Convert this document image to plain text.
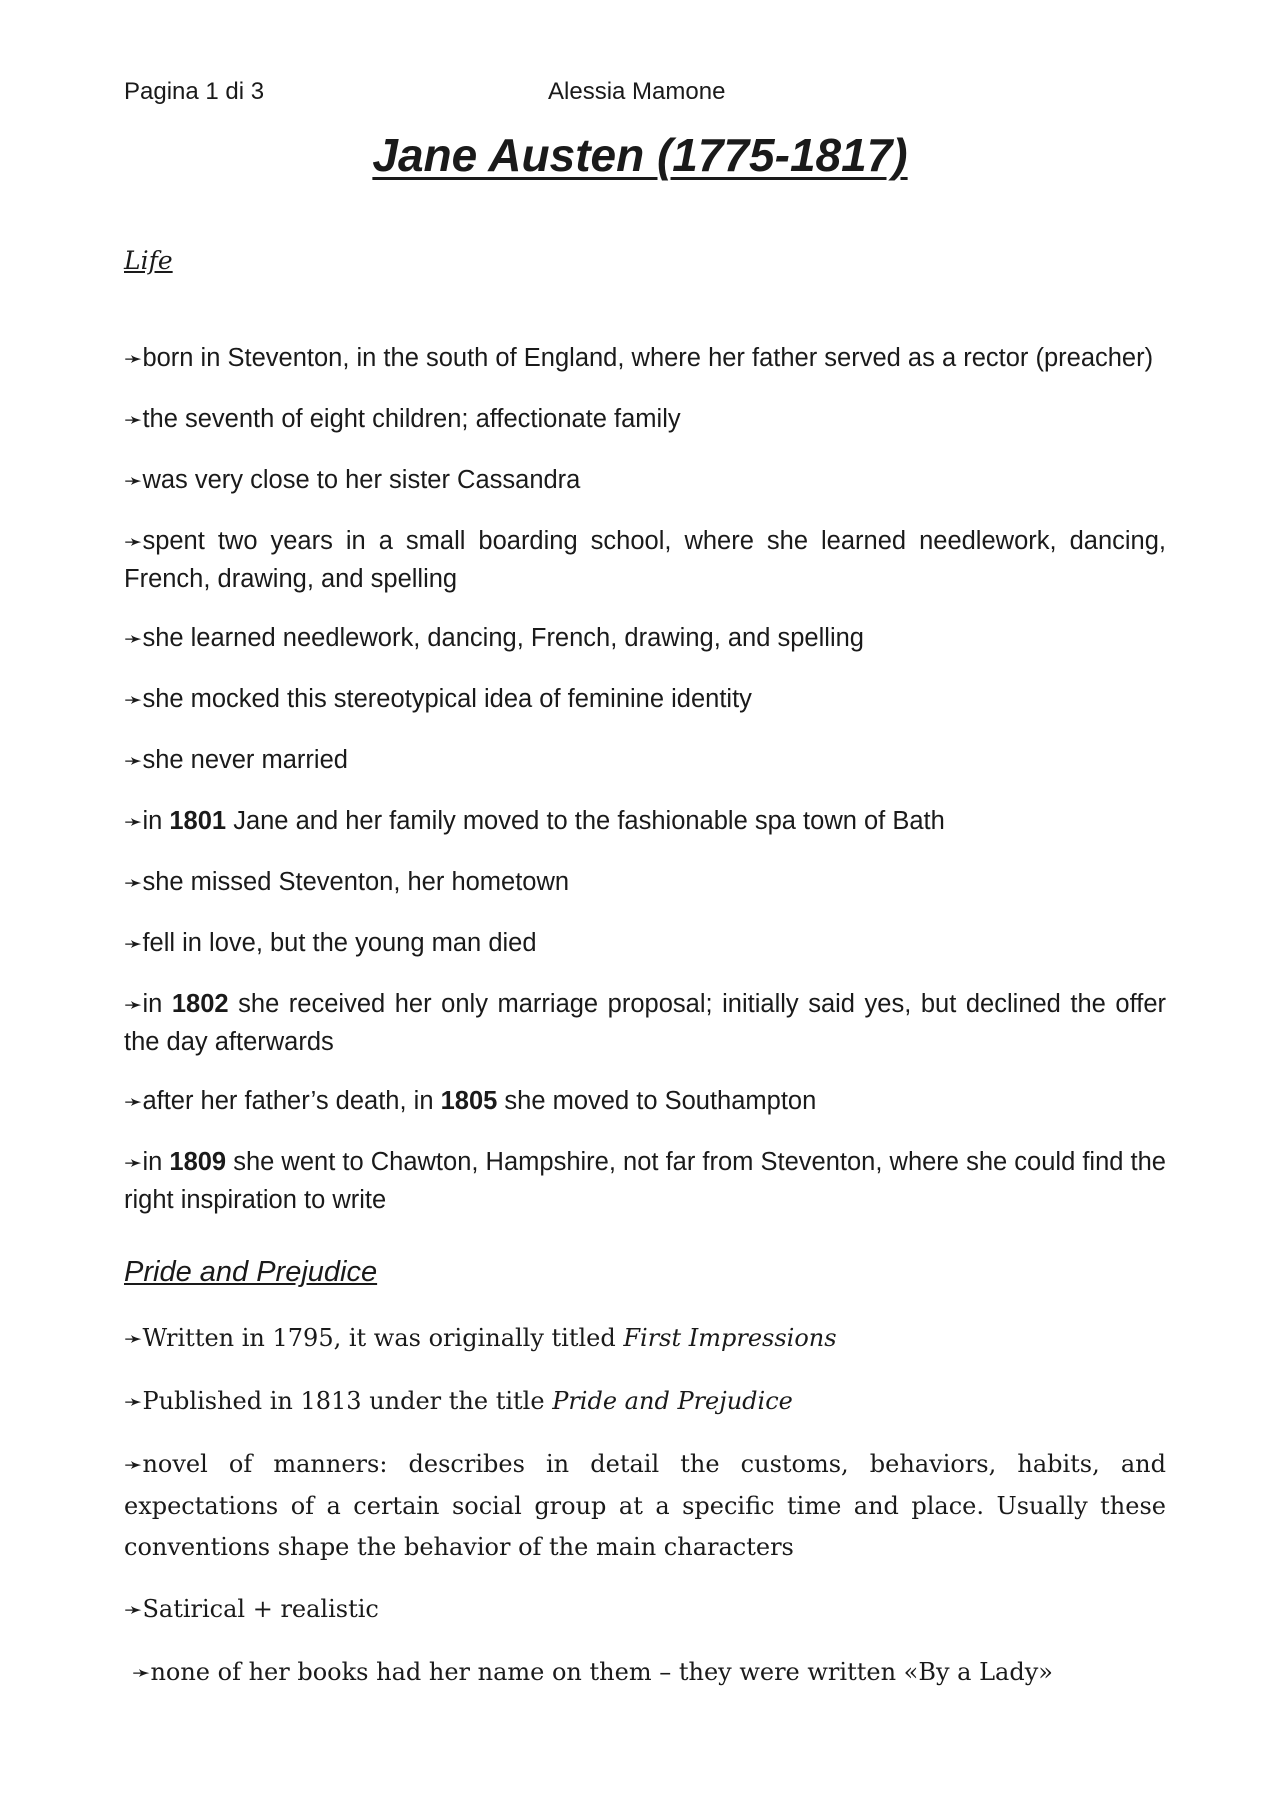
Pagina 1 di 3	Alessia Mamone
Jane Austen (1775-1817)
Life
➛born in Steventon, in the south of England, where her father served as a rector (preacher)
➛the seventh of eight children; affectionate family
➛was very close to her sister Cassandra
➛spent two years in a small boarding school, where she learned needlework, dancing, French, drawing, and spelling
➛she learned needlework, dancing, French, drawing, and spelling
➛she mocked this stereotypical idea of feminine identity
➛she never married
➛in 1801 Jane and her family moved to the fashionable spa town of Bath
➛she missed Steventon, her hometown
➛fell in love, but the young man died
➛in 1802 she received her only marriage proposal; initially said yes, but declined the offer the day afterwards
➛after her father’s death, in 1805 she moved to Southampton
➛in 1809 she went to Chawton, Hampshire, not far from Steventon, where she could find the right inspiration to write
Pride and Prejudice
➛Written in 1795, it was originally titled First Impressions
➛Published in 1813 under the title Pride and Prejudice
➛novel of manners: describes in detail the customs, behaviors, habits, and expectations of a certain social group at a specific time and place. Usually these conventions shape the behavior of the main characters
➛Satirical + realistic
➛none of her books had her name on them – they were written «By a Lady»
